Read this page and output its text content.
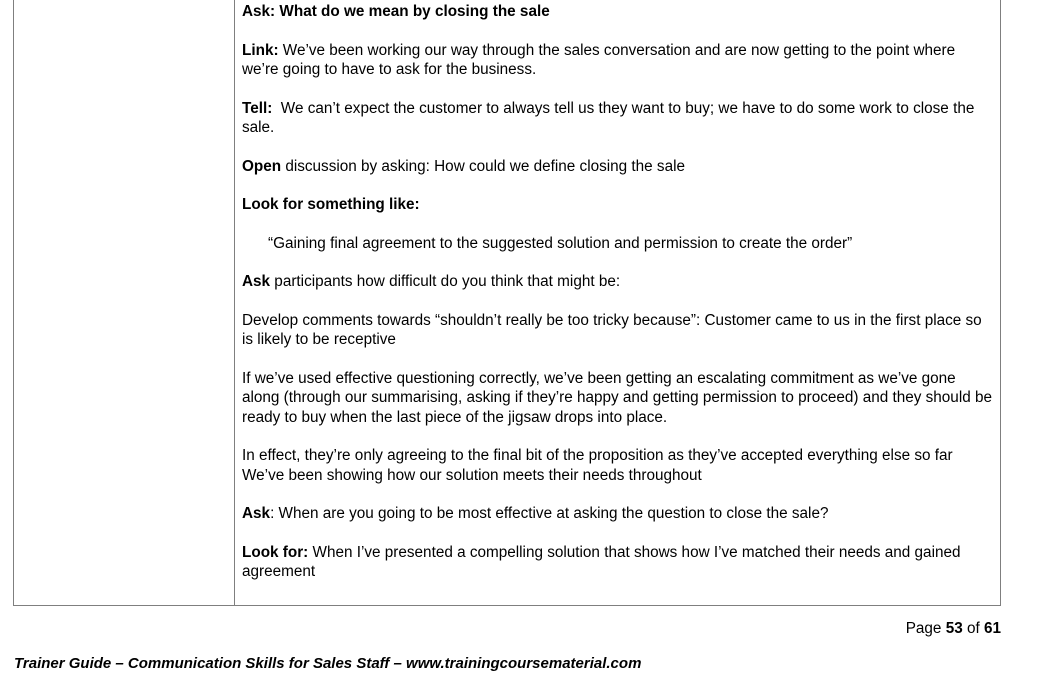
Ask: What do we mean by closing the sale

Link: We’ve been working our way through the sales conversation and are now getting to the point where we’re going to have to ask for the business.

Tell:  We can’t expect the customer to always tell us they want to buy; we have to do some work to close the sale.

Open discussion by asking: How could we define closing the sale

Look for something like:

“Gaining final agreement to the suggested solution and permission to create the order”

Ask participants how difficult do you think that might be:

Develop comments towards “shouldn’t really be too tricky because”: Customer came to us in the first place so is likely to be receptive

If we’ve used effective questioning correctly, we’ve been getting an escalating commitment as we’ve gone along (through our summarising, asking if they’re happy and getting permission to proceed) and they should be ready to buy when the last piece of the jigsaw drops into place.

In effect, they’re only agreeing to the final bit of the proposition as they’ve accepted everything else so far We’ve been showing how our solution meets their needs throughout

Ask: When are you going to be most effective at asking the question to close the sale?

Look for: When I’ve presented a compelling solution that shows how I’ve matched their needs and gained agreement

Page 53 of 61
Trainer Guide – Communication Skills for Sales Staff – www.trainingcoursematerial.com
